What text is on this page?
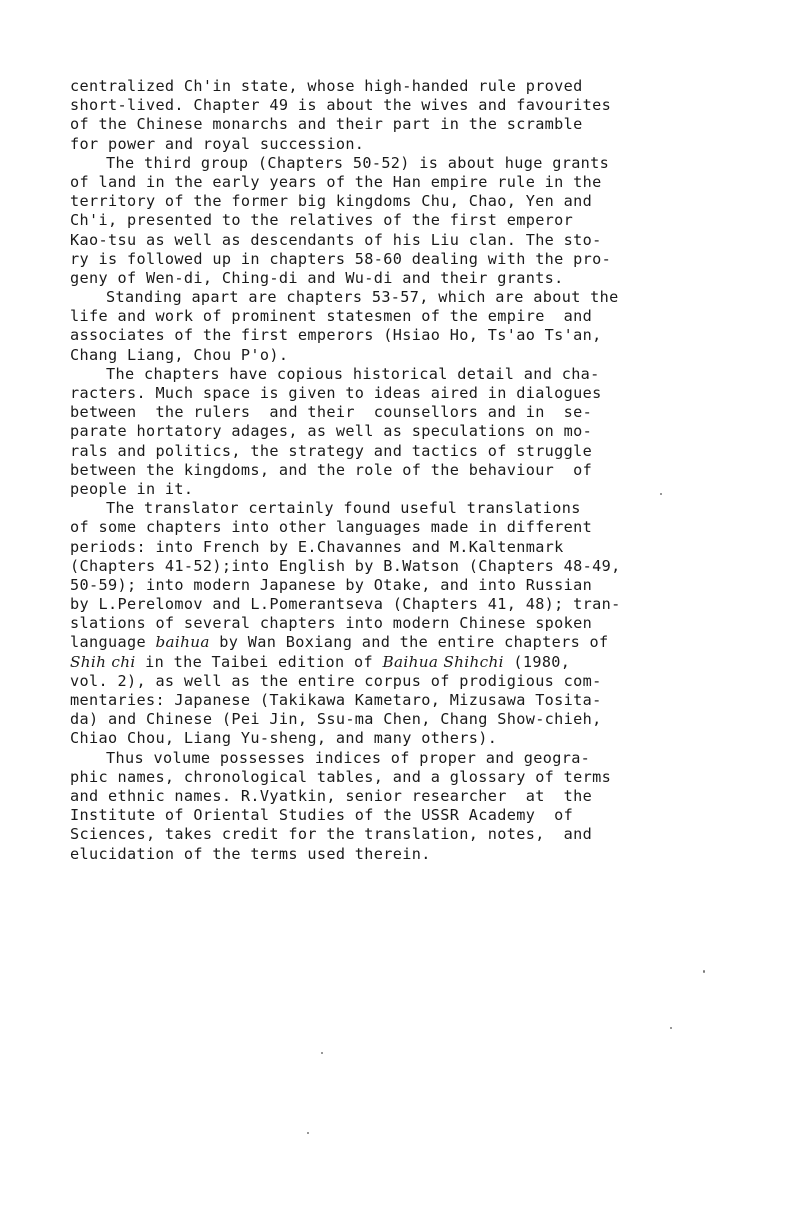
centralized Ch'in state, whose high-handed rule proved
short-lived. Chapter 49 is about the wives and favourites
of the Chinese monarchs and their part in the scramble
for power and royal succession.
The third group (Chapters 50-52) is about huge grants
of land in the early years of the Han empire rule in the
territory of the former big kingdoms Chu, Chao, Yen and
Ch'i, presented to the relatives of the first emperor
Kao-tsu as well as descendants of his Liu clan. The sto-
ry is followed up in chapters 58-60 dealing with the pro-
geny of Wen-di, Ching-di and Wu-di and their grants.
Standing apart are chapters 53-57, which are about the
life and work of prominent statesmen of the empire  and
associates of the first emperors (Hsiao Ho, Ts'ao Ts'an,
Chang Liang, Chou P'o).
The chapters have copious historical detail and cha-
racters. Much space is given to ideas aired in dialogues
between  the rulers  and their  counsellors and in  se-
parate hortatory adages, as well as speculations on mo-
rals and politics, the strategy and tactics of struggle
between the kingdoms, and the role of the behaviour  of
people in it.
The translator certainly found useful translations
of some chapters into other languages made in different
periods: into French by E.Chavannes and M.Kaltenmark
(Chapters 41-52);into English by B.Watson (Chapters 48-49,
50-59); into modern Japanese by Otake, and into Russian
by L.Perelomov and L.Pomerantseva (Chapters 41, 48); tran-
slations of several chapters into modern Chinese spoken
language baihua by Wan Boxiang and the entire chapters of
Shih chi in the Taibei edition of Baihua Shihchi (1980,
vol. 2), as well as the entire corpus of prodigious com-
mentaries: Japanese (Takikawa Kametaro, Mizusawa Tosita-
da) and Chinese (Pei Jin, Ssu-ma Chen, Chang Show-chieh,
Chiao Chou, Liang Yu-sheng, and many others).
Thus volume possesses indices of proper and geogra-
phic names, chronological tables, and a glossary of terms
and ethnic names. R.Vyatkin, senior researcher  at  the
Institute of Oriental Studies of the USSR Academy  of
Sciences, takes credit for the translation, notes,  and
elucidation of the terms used therein.
